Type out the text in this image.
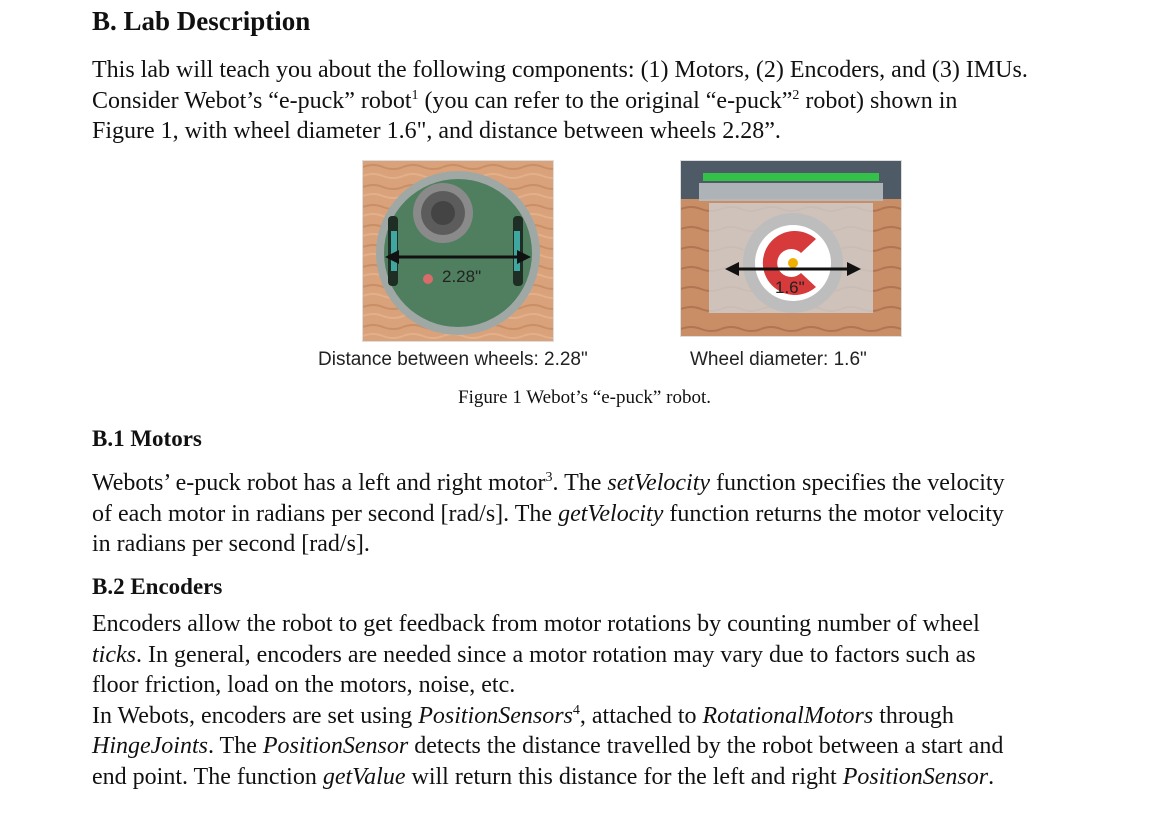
B. Lab Description

This lab will teach you about the following components: (1) Motors, (2) Encoders, and (3) IMUs.
Consider Webot’s “e-puck” robot$^1$ (you can refer to the original “e-puck”$^2$ robot) shown in
Figure 1, with wheel diameter 1.6", and distance between wheels 2.28”.

2.28"
1.6"
Distance between wheels: 2.28"	Wheel diameter: 1.6"
Figure 1 Webot’s “e-puck” robot.
B.1 Motors

Webots’ e-puck robot has a left and right motor$^3$. The setVelocity function specifies the velocity
of each motor in radians per second [rad/s]. The getVelocity function returns the motor velocity
in radians per second [rad/s].

B.2 Encoders

Encoders allow the robot to get feedback from motor rotations by counting number of wheel
ticks. In general, encoders are needed since a motor rotation may vary due to factors such as
floor friction, load on the motors, noise, etc.
In Webots, encoders are set using PositionSensors$^4$, attached to RotationalMotors through
HingeJoints. The PositionSensor detects the distance travelled by the robot between a start and
end point. The function getValue will return this distance for the left and right PositionSensor.
